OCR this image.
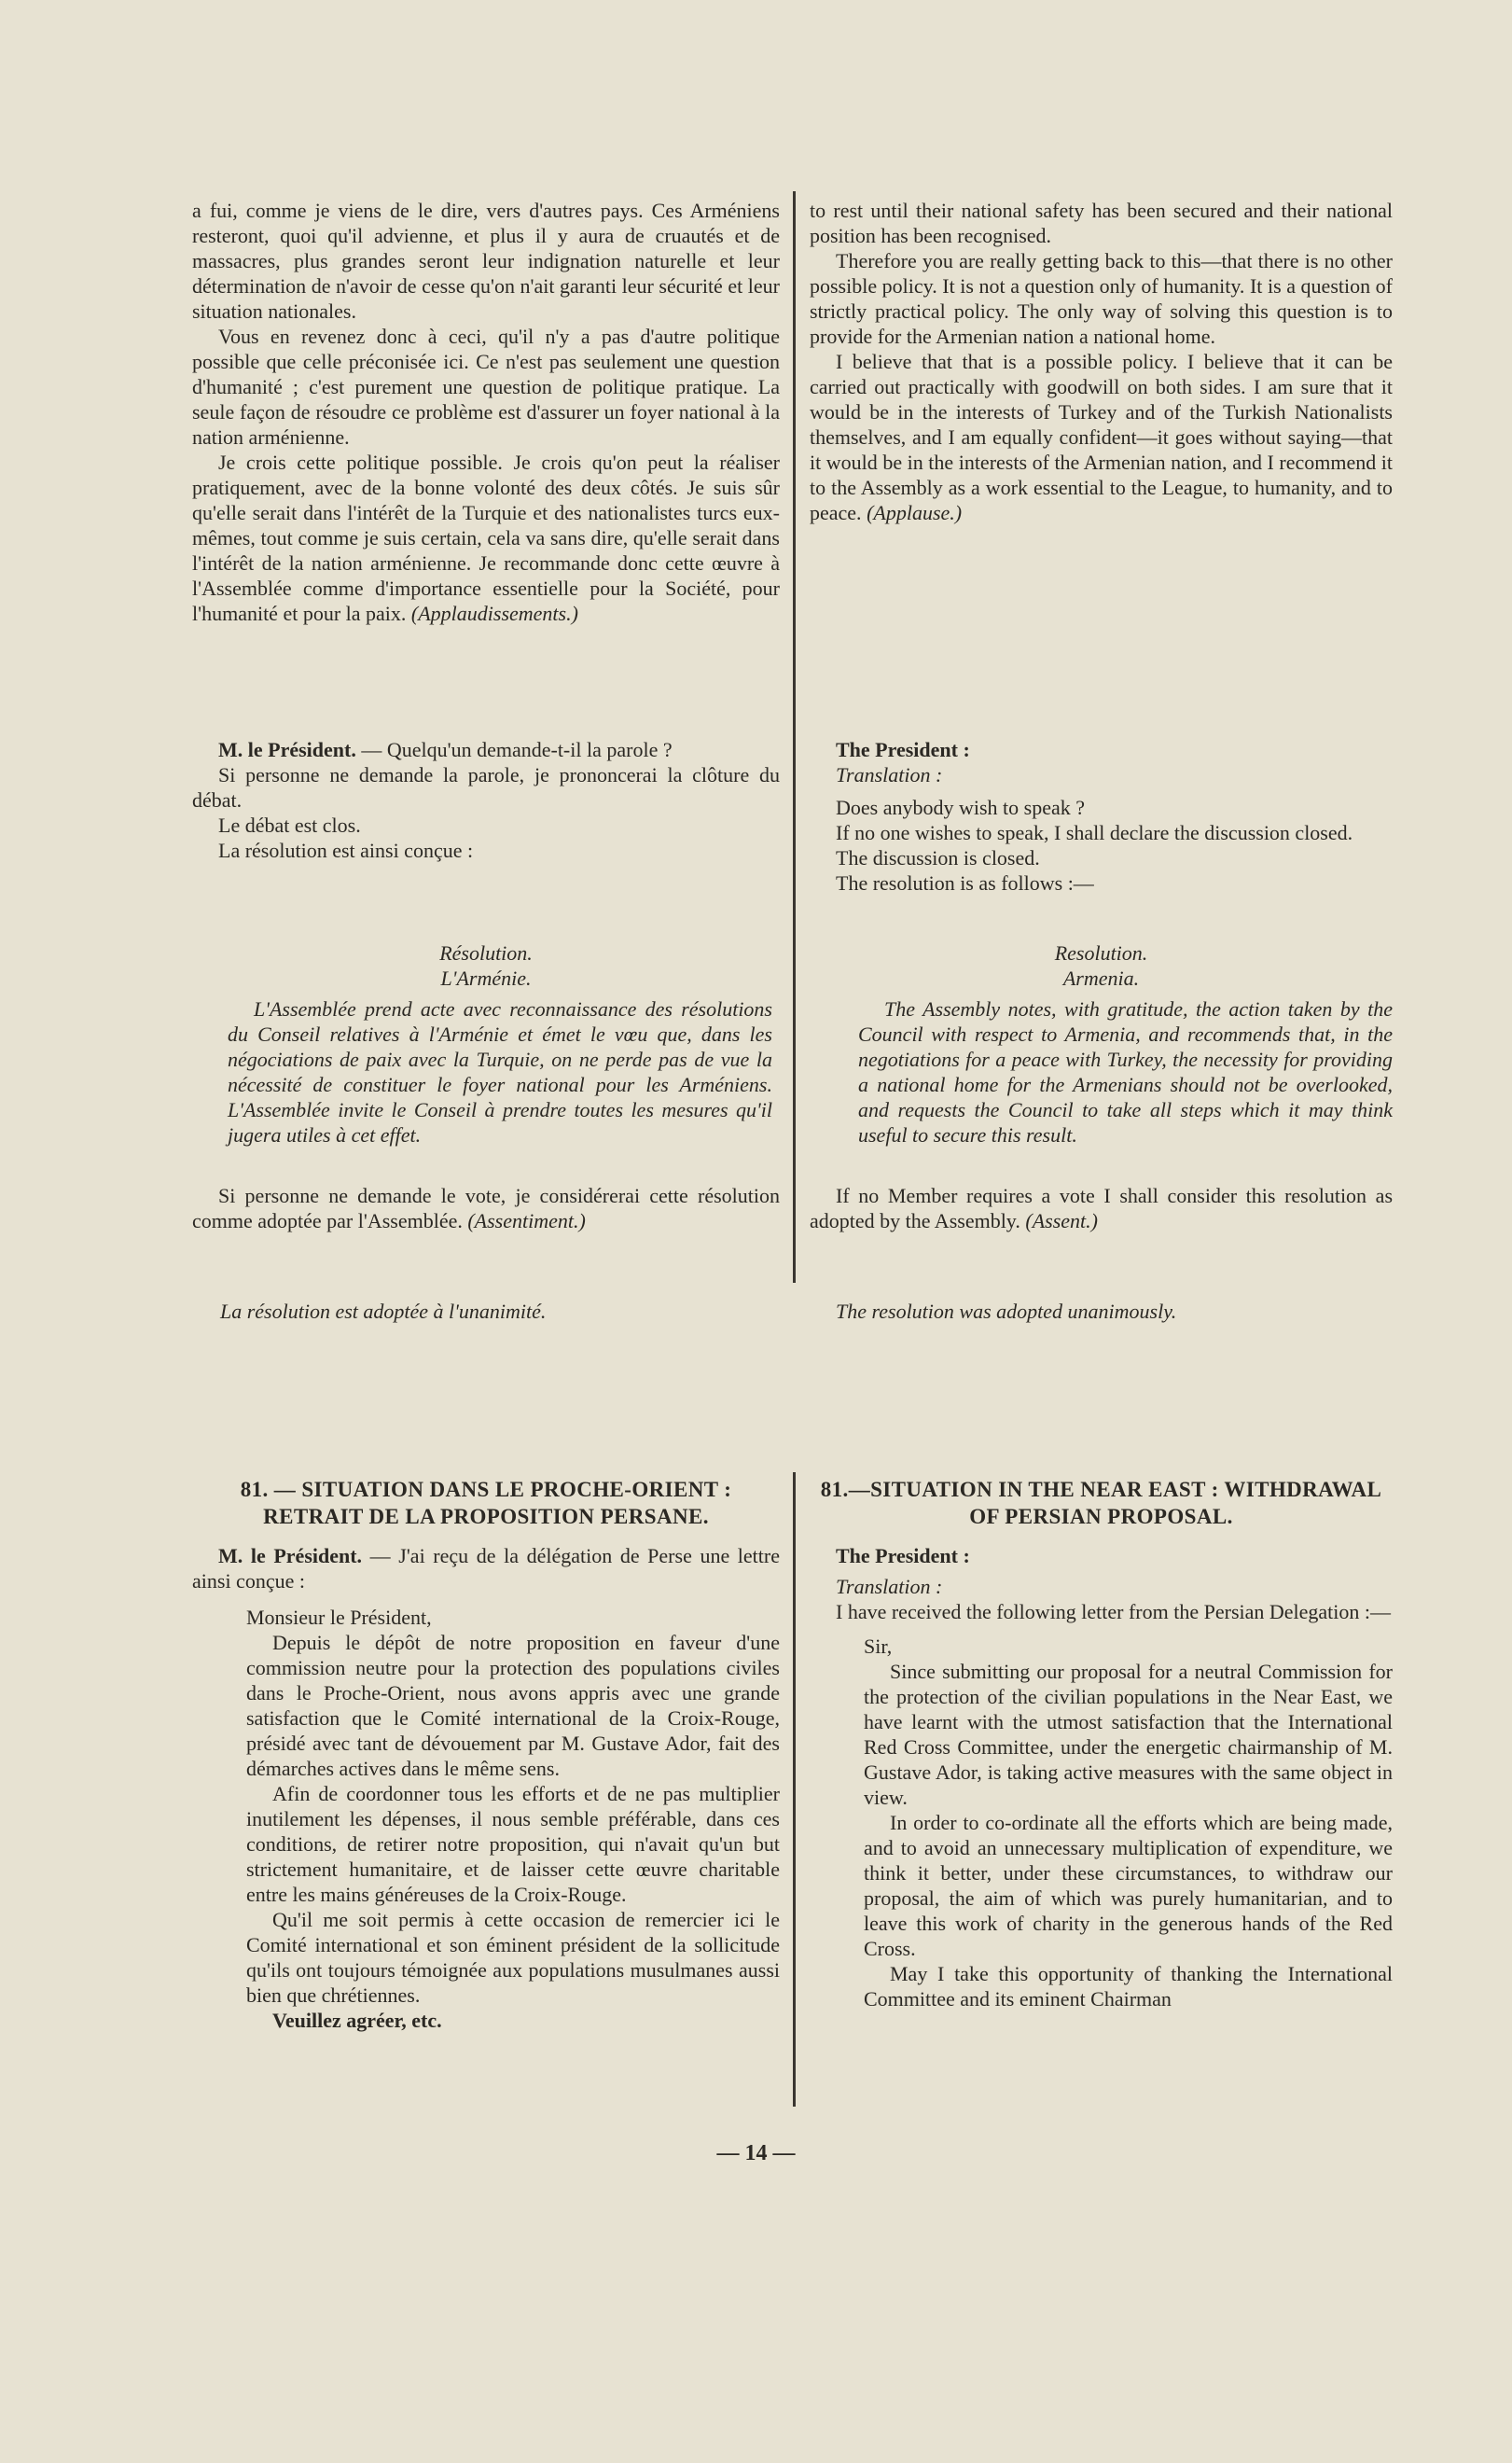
a fui, comme je viens de le dire, vers d'autres pays. Ces Arméniens resteront, quoi qu'il advienne, et plus il y aura de cruautés et de massacres, plus grandes seront leur indignation naturelle et leur détermination de n'avoir de cesse qu'on n'ait garanti leur sécurité et leur situation nationales.

Vous en revenez donc à ceci, qu'il n'y a pas d'autre politique possible que celle préconisée ici. Ce n'est pas seulement une question d'humanité ; c'est purement une question de politique pratique. La seule façon de résoudre ce problème est d'assurer un foyer national à la nation arménienne.

Je crois cette politique possible. Je crois qu'on peut la réaliser pratiquement, avec de la bonne volonté des deux côtés. Je suis sûr qu'elle serait dans l'intérêt de la Turquie et des nationalistes turcs eux-mêmes, tout comme je suis certain, cela va sans dire, qu'elle serait dans l'intérêt de la nation arménienne. Je recommande donc cette œuvre à l'Assemblée comme d'importance essentielle pour la Société, pour l'humanité et pour la paix. (Applaudissements.)

M. le Président. — Quelqu'un demande-t-il la parole ?

Si personne ne demande la parole, je prononcerai la clôture du débat.

Le débat est clos.

La résolution est ainsi conçue :

Résolution.

L'Arménie.

L'Assemblée prend acte avec reconnaissance des résolutions du Conseil relatives à l'Arménie et émet le vœu que, dans les négociations de paix avec la Turquie, on ne perde pas de vue la nécessité de constituer le foyer national pour les Arméniens. L'Assemblée invite le Conseil à prendre toutes les mesures qu'il jugera utiles à cet effet.

Si personne ne demande le vote, je considérerai cette résolution comme adoptée par l'Assemblée. (Assentiment.)

La résolution est adoptée à l'unanimité.

81. — SITUATION DANS LE PROCHE-ORIENT : RETRAIT DE LA PROPOSITION PERSANE.

M. le Président. — J'ai reçu de la délégation de Perse une lettre ainsi conçue :

Monsieur le Président,

Depuis le dépôt de notre proposition en faveur d'une commission neutre pour la protection des populations civiles dans le Proche-Orient, nous avons appris avec une grande satisfaction que le Comité international de la Croix-Rouge, présidé avec tant de dévouement par M. Gustave Ador, fait des démarches actives dans le même sens.

Afin de coordonner tous les efforts et de ne pas multiplier inutilement les dépenses, il nous semble préférable, dans ces conditions, de retirer notre proposition, qui n'avait qu'un but strictement humanitaire, et de laisser cette œuvre charitable entre les mains généreuses de la Croix-Rouge.

Qu'il me soit permis à cette occasion de remercier ici le Comité international et son éminent président de la sollicitude qu'ils ont toujours témoignée aux populations musulmanes aussi bien que chrétiennes.

Veuillez agréer, etc.

to rest until their national safety has been secured and their national position has been recognised.

Therefore you are really getting back to this—that there is no other possible policy. It is not a question only of humanity. It is a question of strictly practical policy. The only way of solving this question is to provide for the Armenian nation a national home.

I believe that that is a possible policy. I believe that it can be carried out practically with goodwill on both sides. I am sure that it would be in the interests of Turkey and of the Turkish Nationalists themselves, and I am equally confident—it goes without saying—that it would be in the interests of the Armenian nation, and I recommend it to the Assembly as a work essential to the League, to humanity, and to peace. (Applause.)

The President :

Translation :

Does anybody wish to speak ?

If no one wishes to speak, I shall declare the discussion closed.

The discussion is closed.

The resolution is as follows :—

Resolution.

Armenia.

The Assembly notes, with gratitude, the action taken by the Council with respect to Armenia, and recommends that, in the negotiations for a peace with Turkey, the necessity for providing a national home for the Armenians should not be overlooked, and requests the Council to take all steps which it may think useful to secure this result.

If no Member requires a vote I shall consider this resolution as adopted by the Assembly. (Assent.)

The resolution was adopted unanimously.

81.—SITUATION IN THE NEAR EAST : WITHDRAWAL OF PERSIAN PROPOSAL.

The President :

Translation :

I have received the following letter from the Persian Delegation :—

Sir,

Since submitting our proposal for a neutral Commission for the protection of the civilian populations in the Near East, we have learnt with the utmost satisfaction that the International Red Cross Committee, under the energetic chairmanship of M. Gustave Ador, is taking active measures with the same object in view.

In order to co-ordinate all the efforts which are being made, and to avoid an unnecessary multiplication of expenditure, we think it better, under these circumstances, to withdraw our proposal, the aim of which was purely humanitarian, and to leave this work of charity in the generous hands of the Red Cross.

May I take this opportunity of thanking the International Committee and its eminent Chairman

— 14 —
